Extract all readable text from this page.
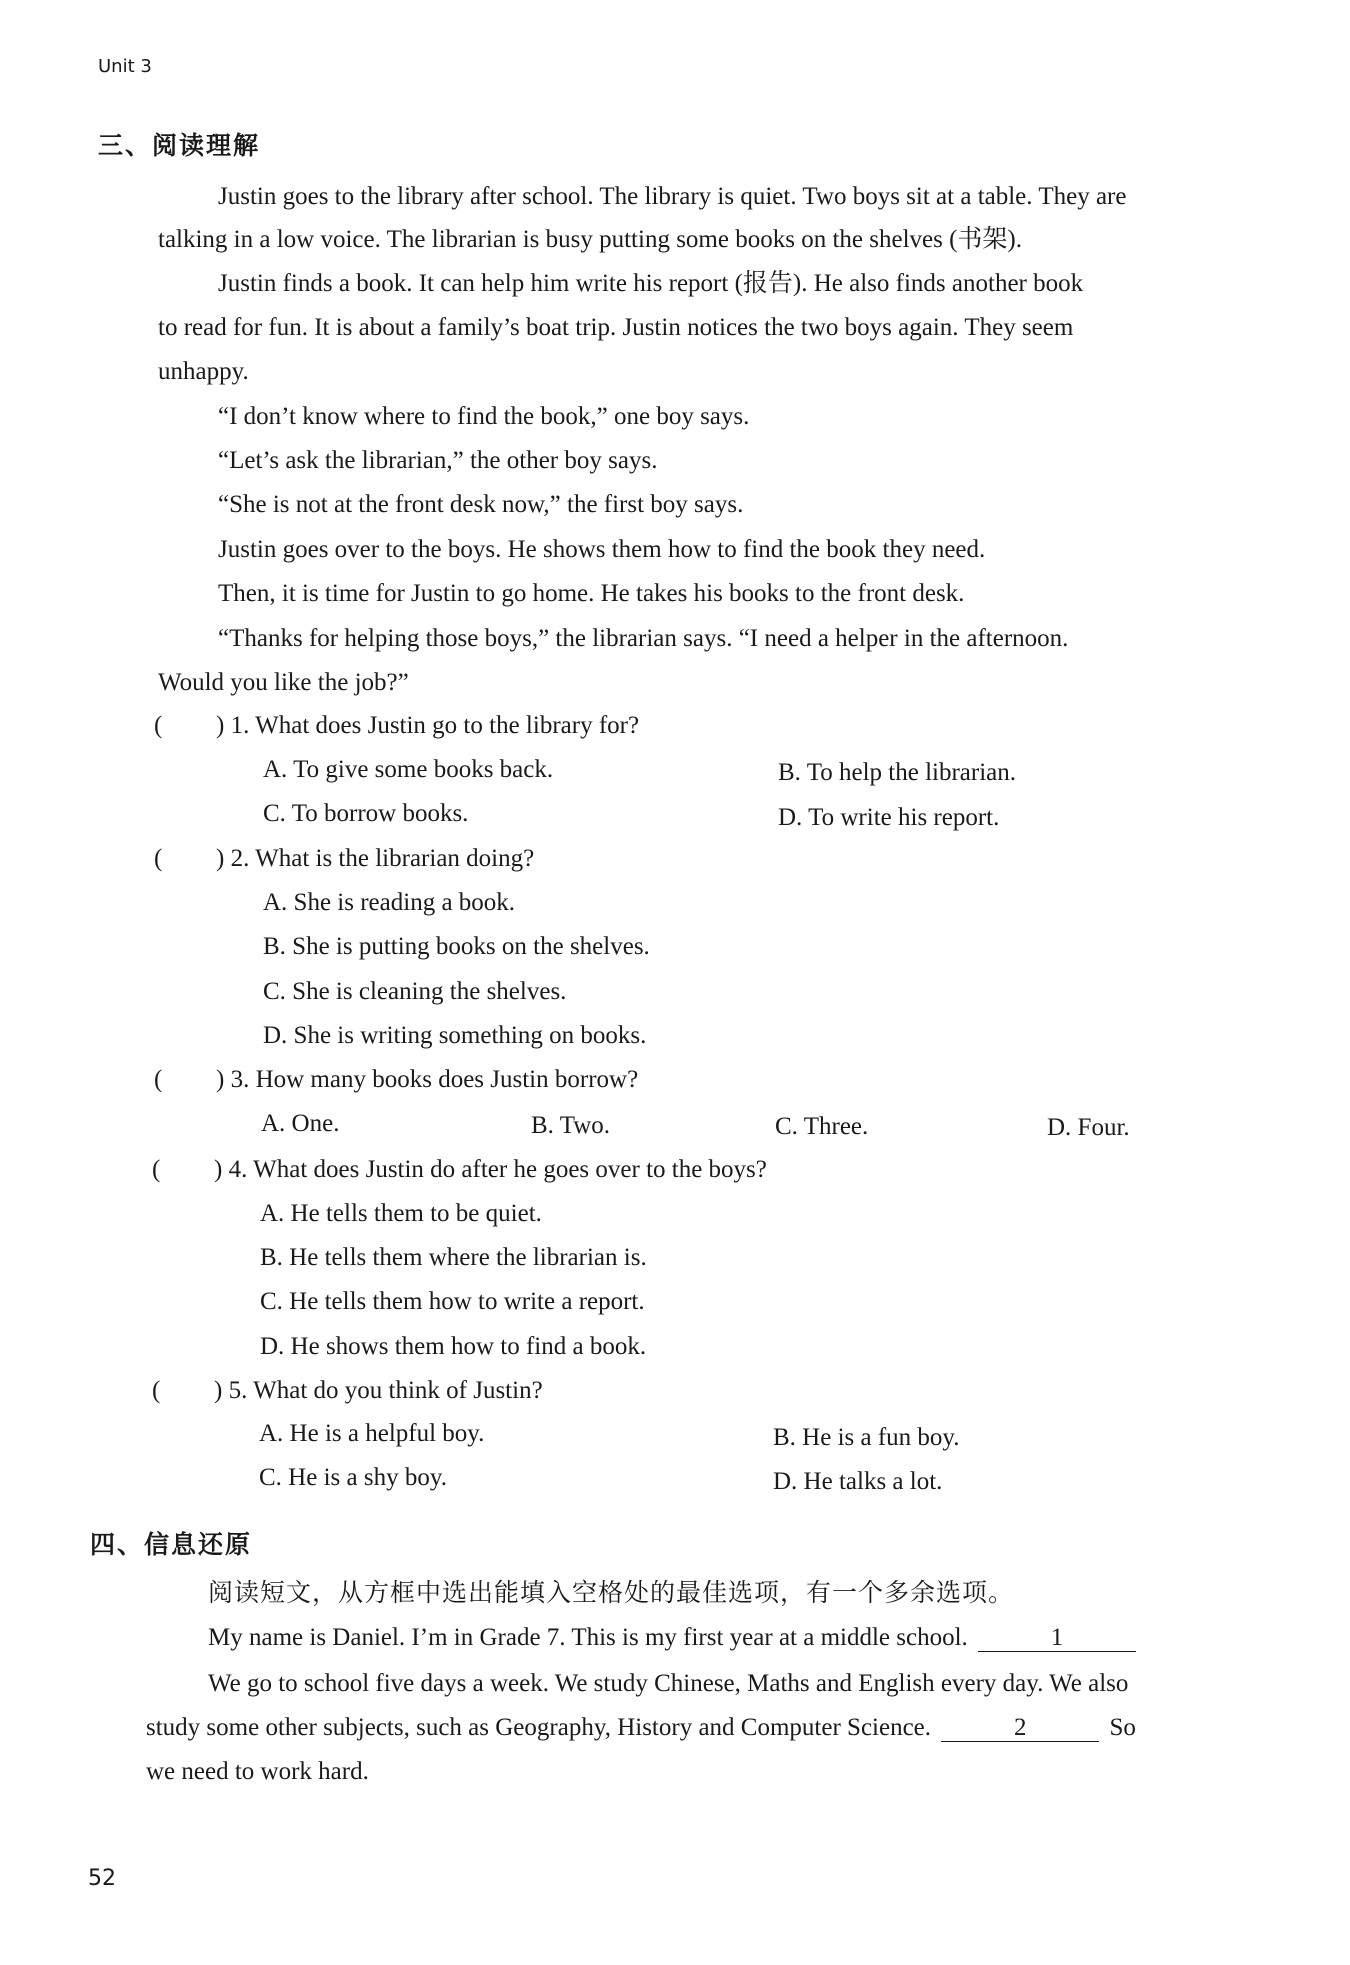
Unit 3
三、阅读理解
Justin goes to the library after school. The library is quiet. Two boys sit at a table. They are
talking in a low voice. The librarian is busy putting some books on the shelves (书架).
Justin finds a book. It can help him write his report (报告). He also finds another book
to read for fun. It is about a family’s boat trip. Justin notices the two boys again. They seem
unhappy.
“I don’t know where to find the book,” one boy says.
“Let’s ask the librarian,” the other boy says.
“She is not at the front desk now,” the first boy says.
Justin goes over to the boys. He shows them how to find the book they need.
Then, it is time for Justin to go home. He takes his books to the front desk.
“Thanks for helping those boys,” the librarian says. “I need a helper in the afternoon.
Would you like the job?”
( ) 1. What does Justin go to the library for?
A. To give some books back.	B. To help the librarian.
C. To borrow books.	D. To write his report.
( ) 2. What is the librarian doing?
A. She is reading a book.
B. She is putting books on the shelves.
C. She is cleaning the shelves.
D. She is writing something on books.
( ) 3. How many books does Justin borrow?
A. One.	B. Two.	C. Three.	D. Four.
( ) 4. What does Justin do after he goes over to the boys?
A. He tells them to be quiet.
B. He tells them where the librarian is.
C. He tells them how to write a report.
D. He shows them how to find a book.
( ) 5. What do you think of Justin?
A. He is a helpful boy.	B. He is a fun boy.
C. He is a shy boy.	D. He talks a lot.
四、信息还原
阅读短文，从方框中选出能填入空格处的最佳选项，有一个多余选项。
My name is Daniel. I’m in Grade 7. This is my first year at a middle school.	1
We go to school five days a week. We study Chinese, Maths and English every day. We also
study some other subjects, such as Geography, History and Computer Science.	2	So
we need to work hard.
52
